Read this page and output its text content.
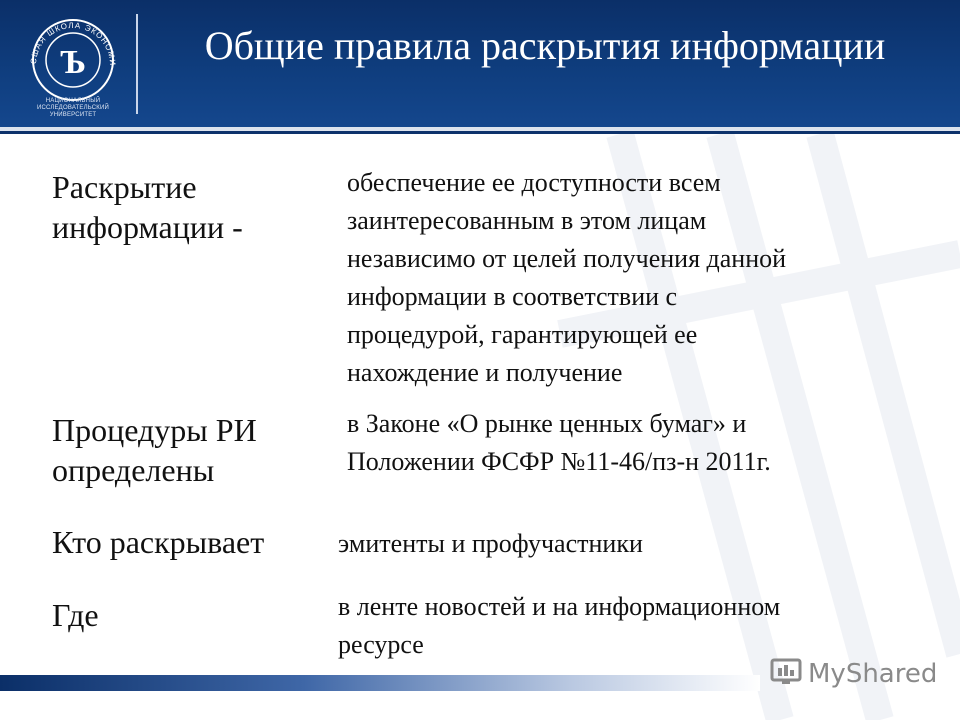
СШАЯ ШКОЛА ЭКОНОМИ
Ъ
НАЦИОНАЛЬНЫЙ ИССЛЕДОВАТЕЛЬСКИЙ
УНИВЕРСИТЕТ
Общие правила раскрытия информации
Раскрытие
информации -
обеспечение ее доступности всем
заинтересованным в этом лицам
независимо от целей получения данной
информации в соответствии с
процедурой, гарантирующей ее
нахождение и получение
Процедуры РИ
определены
в Законе «О рынке ценных бумаг» и
Положении ФСФР №11-46/пз-н 2011г.
Кто раскрывает	эмитенты и профучастники
Где	в ленте новостей и на информационном
ресурсе
MyShared
